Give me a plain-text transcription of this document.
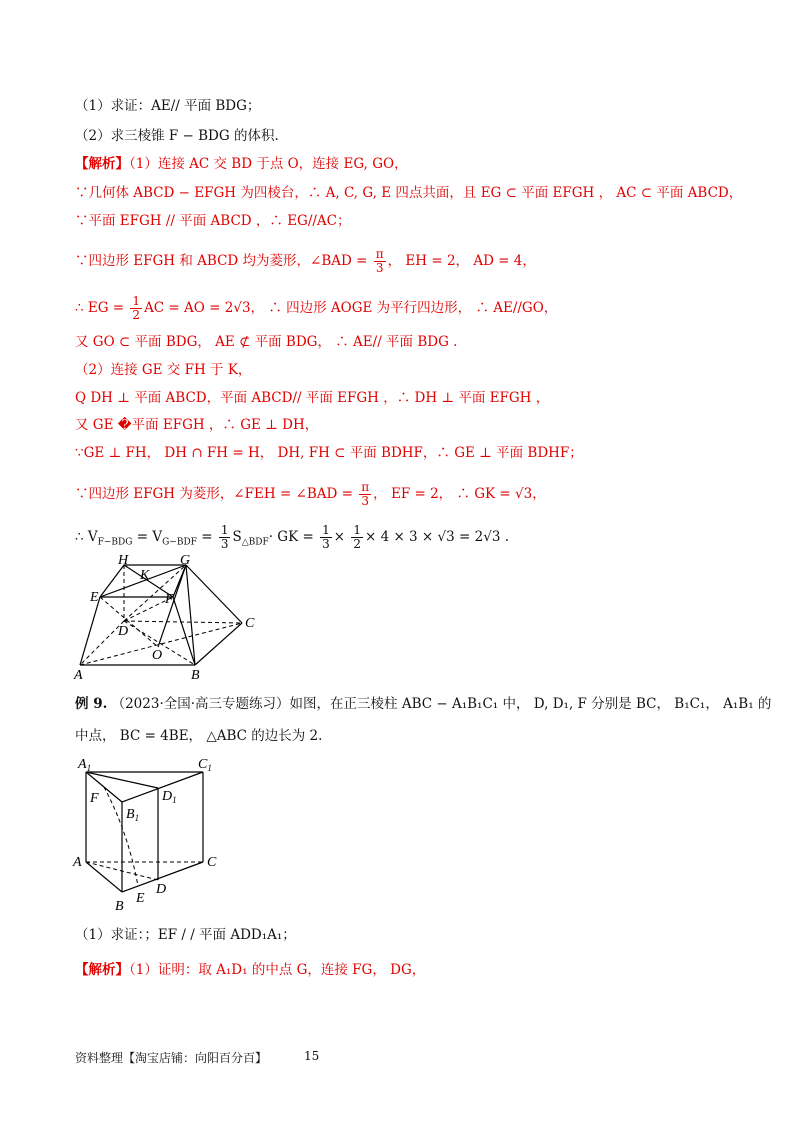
（1）求证：AE// 平面 BDG；
（2）求三棱锥 F − BDG 的体积.
【解析】（1）连接 AC 交 BD 于点 O，连接 EG, GO，
∵几何体 ABCD − EFGH 为四棱台，∴ A, C, G, E 四点共面，且 EG ⊂ 平面 EFGH ， AC ⊂ 平面 ABCD，
∵平面 EFGH // 平面 ABCD ，∴ EG//AC；
∵四边形 EFGH 和 ABCD 均为菱形，∠BAD = $\frac{\pi}{3}$ ， EH = 2， AD = 4，
∴ EG = $\frac{1}{2}$ AC = AO = 2√3， ∴ 四边形 AOGE 为平行四边形， ∴ AE//GO，
又 GO ⊂ 平面 BDG， AE ⊄ 平面 BDG， ∴ AE// 平面 BDG .
（2）连接 GE 交 FH 于 K，
Q DH ⊥ 平面 ABCD，平面 ABCD// 平面 EFGH ，∴ DH ⊥ 平面 EFGH ，
又 GE �平面 EFGH ，∴ GE ⊥ DH，
∵GE ⊥ FH， DH ∩ FH = H， DH, FH ⊂ 平面 BDHF，∴ GE ⊥ 平面 BDHF；
∵四边形 EFGH 为菱形，∠FEH = ∠BAD = $\frac{\pi}{3}$ ， EF = 2， ∴ GK = √3，
∴ $V_{F-BDG} = V_{G-BDF} = \frac{1}{3} S_{\triangle BDF}\cdot$ GK = $\frac{1}{3} \times \frac{1}{2} \times 4 \times 3 \times √3 = 2√3$ .
H
K
G
E	F
D
C
O
A	B
例 9. （2023·全国·高三专题练习）如图，在正三棱柱 ABC − A₁B₁C₁ 中， D, D₁, F 分别是 BC， B₁C₁， A₁B₁ 的
中点， BC = 4BE， △ABC 的边长为 2.
$A_1$	$C_1$
F	$D_1$
$B_1$
A	C
E
D
B
（1）求证：；EF / / 平面 ADD₁A₁；
【解析】（1）证明：取 A₁D₁ 的中点 G，连接 FG， DG，
资料整理【淘宝店铺：向阳百分百】	15
